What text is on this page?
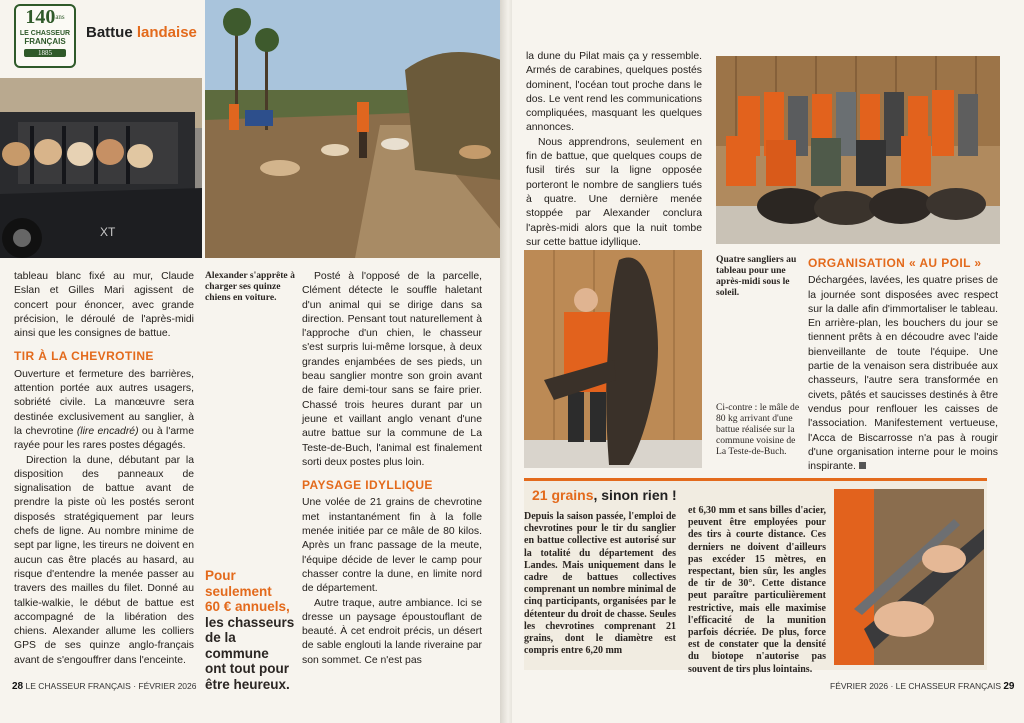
$140^{ans}$
LE CHASSEUR
FRANÇAIS
1885
Battue landaise
XT

tableau blanc fixé au mur, Claude Eslan et Gilles Mari agissent de concert pour énoncer, avec grande précision, le déroulé de l'après-midi ainsi que les consignes de battue.

TIR À LA CHEVROTINE

Ouverture et fermeture des barrières, attention portée aux autres usagers, sobriété civile. La manœuvre sera destinée exclusivement au sanglier, à la chevrotine (lire encadré) ou à l'arme rayée pour les rares postes dégagés.

Direction la dune, débutant par la disposition des panneaux de signalisation de battue avant de prendre la piste où les postés seront disposés stratégiquement par leurs chefs de ligne. Au nombre minime de sept par ligne, les tireurs ne doivent en aucun cas être placés au hasard, au risque d'entendre la menée passer au travers des mailles du filet. Donné au talkie-walkie, le début de battue est accompagné de la libération des chiens. Alexander allume les colliers GPS de ses quinze anglo-français avant de s'engouffrer dans l'enceinte.

Alexander s'apprête à charger ses quinze chiens en voiture.
Pour seulement
60 € annuels,
les chasseurs
de la commune
ont tout pour
être heureux.

Posté à l'opposé de la parcelle, Clément détecte le souffle haletant d'un animal qui se dirige dans sa direction. Pensant tout naturellement à l'approche d'un chien, le chasseur s'est surpris lui-même lorsque, à deux grandes enjambées de ses pieds, un beau sanglier montre son groin avant de faire demi-tour sans se faire prier. Chassé trois heures durant par un jeune et vaillant anglo venant d'une autre battue sur la commune de La Teste-de-Buch, l'animal est finalement sorti deux postes plus loin.

PAYSAGE IDYLLIQUE

Une volée de 21 grains de chevrotine met instantanément fin à la folle menée initiée par ce mâle de 80 kilos. Après un franc passage de la meute, l'équipe décide de lever le camp pour chasser contre la dune, en limite nord de département.

Autre traque, autre ambiance. Ici se dresse un paysage époustouflant de beauté. À cet endroit précis, un désert de sable englouti la lande riveraine par son sommet. Ce n'est pas

28 LE CHASSEUR FRANÇAIS · FÉVRIER 2026

la dune du Pilat mais ça y ressemble. Armés de carabines, quelques postés dominent, l'océan tout proche dans le dos. Le vent rend les communications compliquées, masquant les quelques annonces.

Nous apprendrons, seulement en fin de battue, que quelques coups de fusil tirés sur la ligne opposée porteront le nombre de sangliers tués à quatre. Une dernière menée stoppée par Alexander conclura l'après-midi alors que la nuit tombe sur cette battue idyllique.

Quatre sangliers au tableau pour une après-midi sous le soleil.
Ci-contre : le mâle de 80 kg arrivant d'une battue réalisée sur la commune voisine de La Teste-de-Buch.
ORGANISATION « AU POIL »

Déchargées, lavées, les quatre prises de la journée sont disposées avec respect sur la dalle afin d'immortaliser le tableau. En arrière-plan, les bouchers du jour se tiennent prêts à en découdre avec l'aide bienveillante de toute l'équipe. Une partie de la venaison sera distribuée aux chasseurs, l'autre sera transformée en civets, pâtés et saucisses destinés à être vendus pour renflouer les caisses de l'association. Manifestement vertueuse, l'Acca de Biscarrosse n'a pas à rougir d'une organisation interne pour le moins inspirante.

FÉVRIER 2026 · LE CHASSEUR FRANÇAIS 29
21 grains, sinon rien !
Depuis la saison passée, l'emploi de chevrotines pour le tir du sanglier en battue collective est autorisé sur la totalité du département des Landes. Mais uniquement dans le cadre de battues collectives comprenant un nombre minimal de cinq participants, organisées par le détenteur du droit de chasse. Seules les chevrotines comprenant 21 grains, dont le diamètre est compris entre 6,20 mm
et 6,30 mm et sans billes d'acier, peuvent être employées pour des tirs à courte distance. Ces derniers ne doivent d'ailleurs pas excéder 15 mètres, en respectant, bien sûr, les angles de tir de 30°. Cette distance peut paraître particulièrement restrictive, mais elle maximise l'efficacité de la munition parfois décriée. De plus, force est de constater que la densité du biotope n'autorise pas souvent de tirs plus lointains.
